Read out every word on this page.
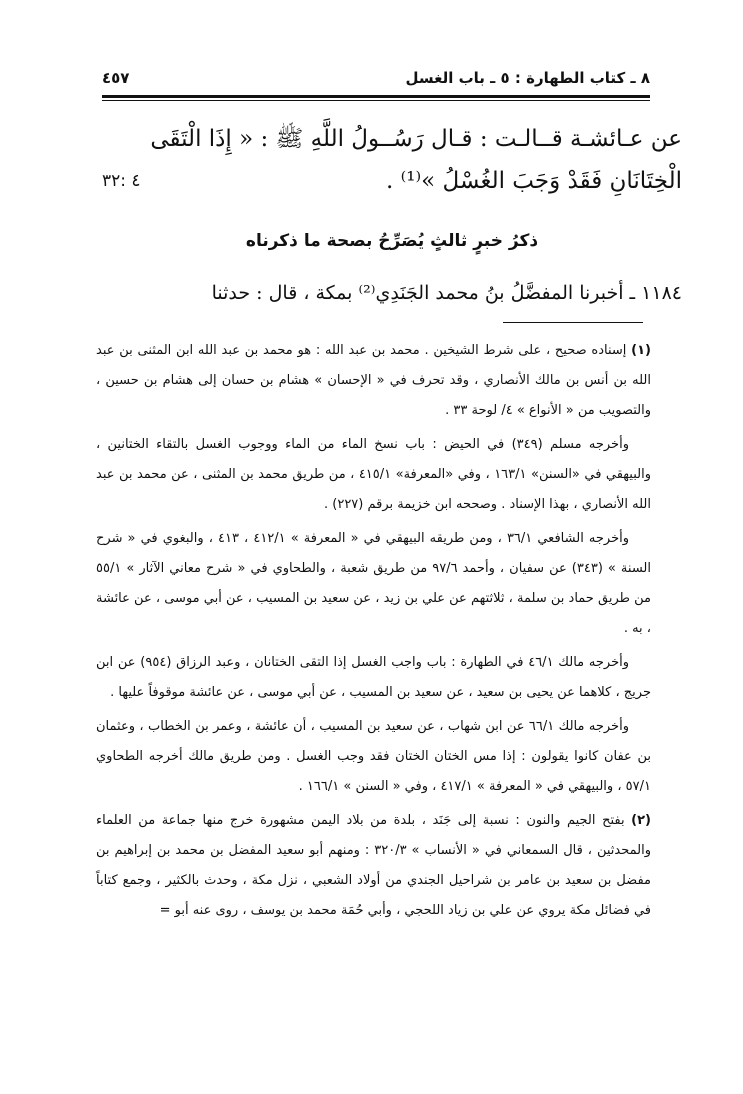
٨ ـ كتاب الطهارة : ٥ ـ باب الغسل
٤٥٧
عن عـائشـة قــالـت : قـال رَسُــولُ اللَّهِ ﷺ : « إِذَا الْتَقَى
الْخِتَانَانِ فَقَدْ وَجَبَ الغُسْلُ »⁽¹⁾ .
٤ :٣٢
ذكرُ خبرٍ ثالثٍ يُصَرِّحُ بصحة ما ذكرناه
١١٨٤ ـ أخبرنا المفضَّلُ بنُ محمد الجَنَدِي⁽²⁾ بمكة ، قال : حدثنا

(١) إسناده صحيح ، على شرط الشيخين . محمد بن عبد الله : هو محمد بن عبد الله ابن المثنى بن عبد الله بن أنس بن مالك الأنصاري ، وقد تحرف في « الإحسان » هشام بن حسان إلى هشام بن حسين ، والتصويب من « الأنواع » ٤/ لوحة ٣٣ .

وأخرجه مسلم (٣٤٩) في الحيض : باب نسخ الماء من الماء ووجوب الغسل بالتقاء الختانين ، والبيهقي في «السنن» ١٦٣/١ ، وفي «المعرفة» ٤١٥/١ ، من طريق محمد بن المثنى ، عن محمد بن عبد الله الأنصاري ، بهذا الإسناد . وصححه ابن خزيمة برقم (٢٢٧) .

وأخرجه الشافعي ٣٦/١ ، ومن طريقه البيهقي في « المعرفة » ٤١٢/١ ، ٤١٣ ، والبغوي في « شرح السنة » (٣٤٣) عن سفيان ، وأحمد ٩٧/٦ من طريق شعبة ، والطحاوي في « شرح معاني الآثار » ٥٥/١ من طريق حماد بن سلمة ، ثلاثتهم عن علي بن زيد ، عن سعيد بن المسيب ، عن أبي موسى ، عن عائشة ، به .

وأخرجه مالك ٤٦/١ في الطهارة : باب واجب الغسل إذا التقى الختانان ، وعبد الرزاق (٩٥٤) عن ابن جريج ، كلاهما عن يحيى بن سعيد ، عن سعيد بن المسيب ، عن أبي موسى ، عن عائشة موقوفاً عليها .

وأخرجه مالك ٦٦/١ عن ابن شهاب ، عن سعيد بن المسيب ، أن عائشة ، وعمر بن الخطاب ، وعثمان بن عفان كانوا يقولون : إذا مس الختان الختان فقد وجب الغسل . ومن طريق مالك أخرجه الطحاوي ٥٧/١ ، والبيهقي في « المعرفة » ٤١٧/١ ، وفي « السنن » ١٦٦/١ .

(٢) بفتح الجيم والنون : نسبة إلى جَنَد ، بلدة من بلاد اليمن مشهورة خرج منها جماعة من العلماء والمحدثين ، قال السمعاني في « الأنساب » ٣٢٠/٣ : ومنهم أبو سعيد المفضل بن محمد بن إبراهيم بن مفضل بن سعيد بن عامر بن شراحيل الجندي من أولاد الشعبي ، نزل مكة ، وحدث بالكثير ، وجمع كتاباً في فضائل مكة يروي عن علي بن زياد اللحجي ، وأبي حُمَة محمد بن يوسف ، روى عنه أبو =
